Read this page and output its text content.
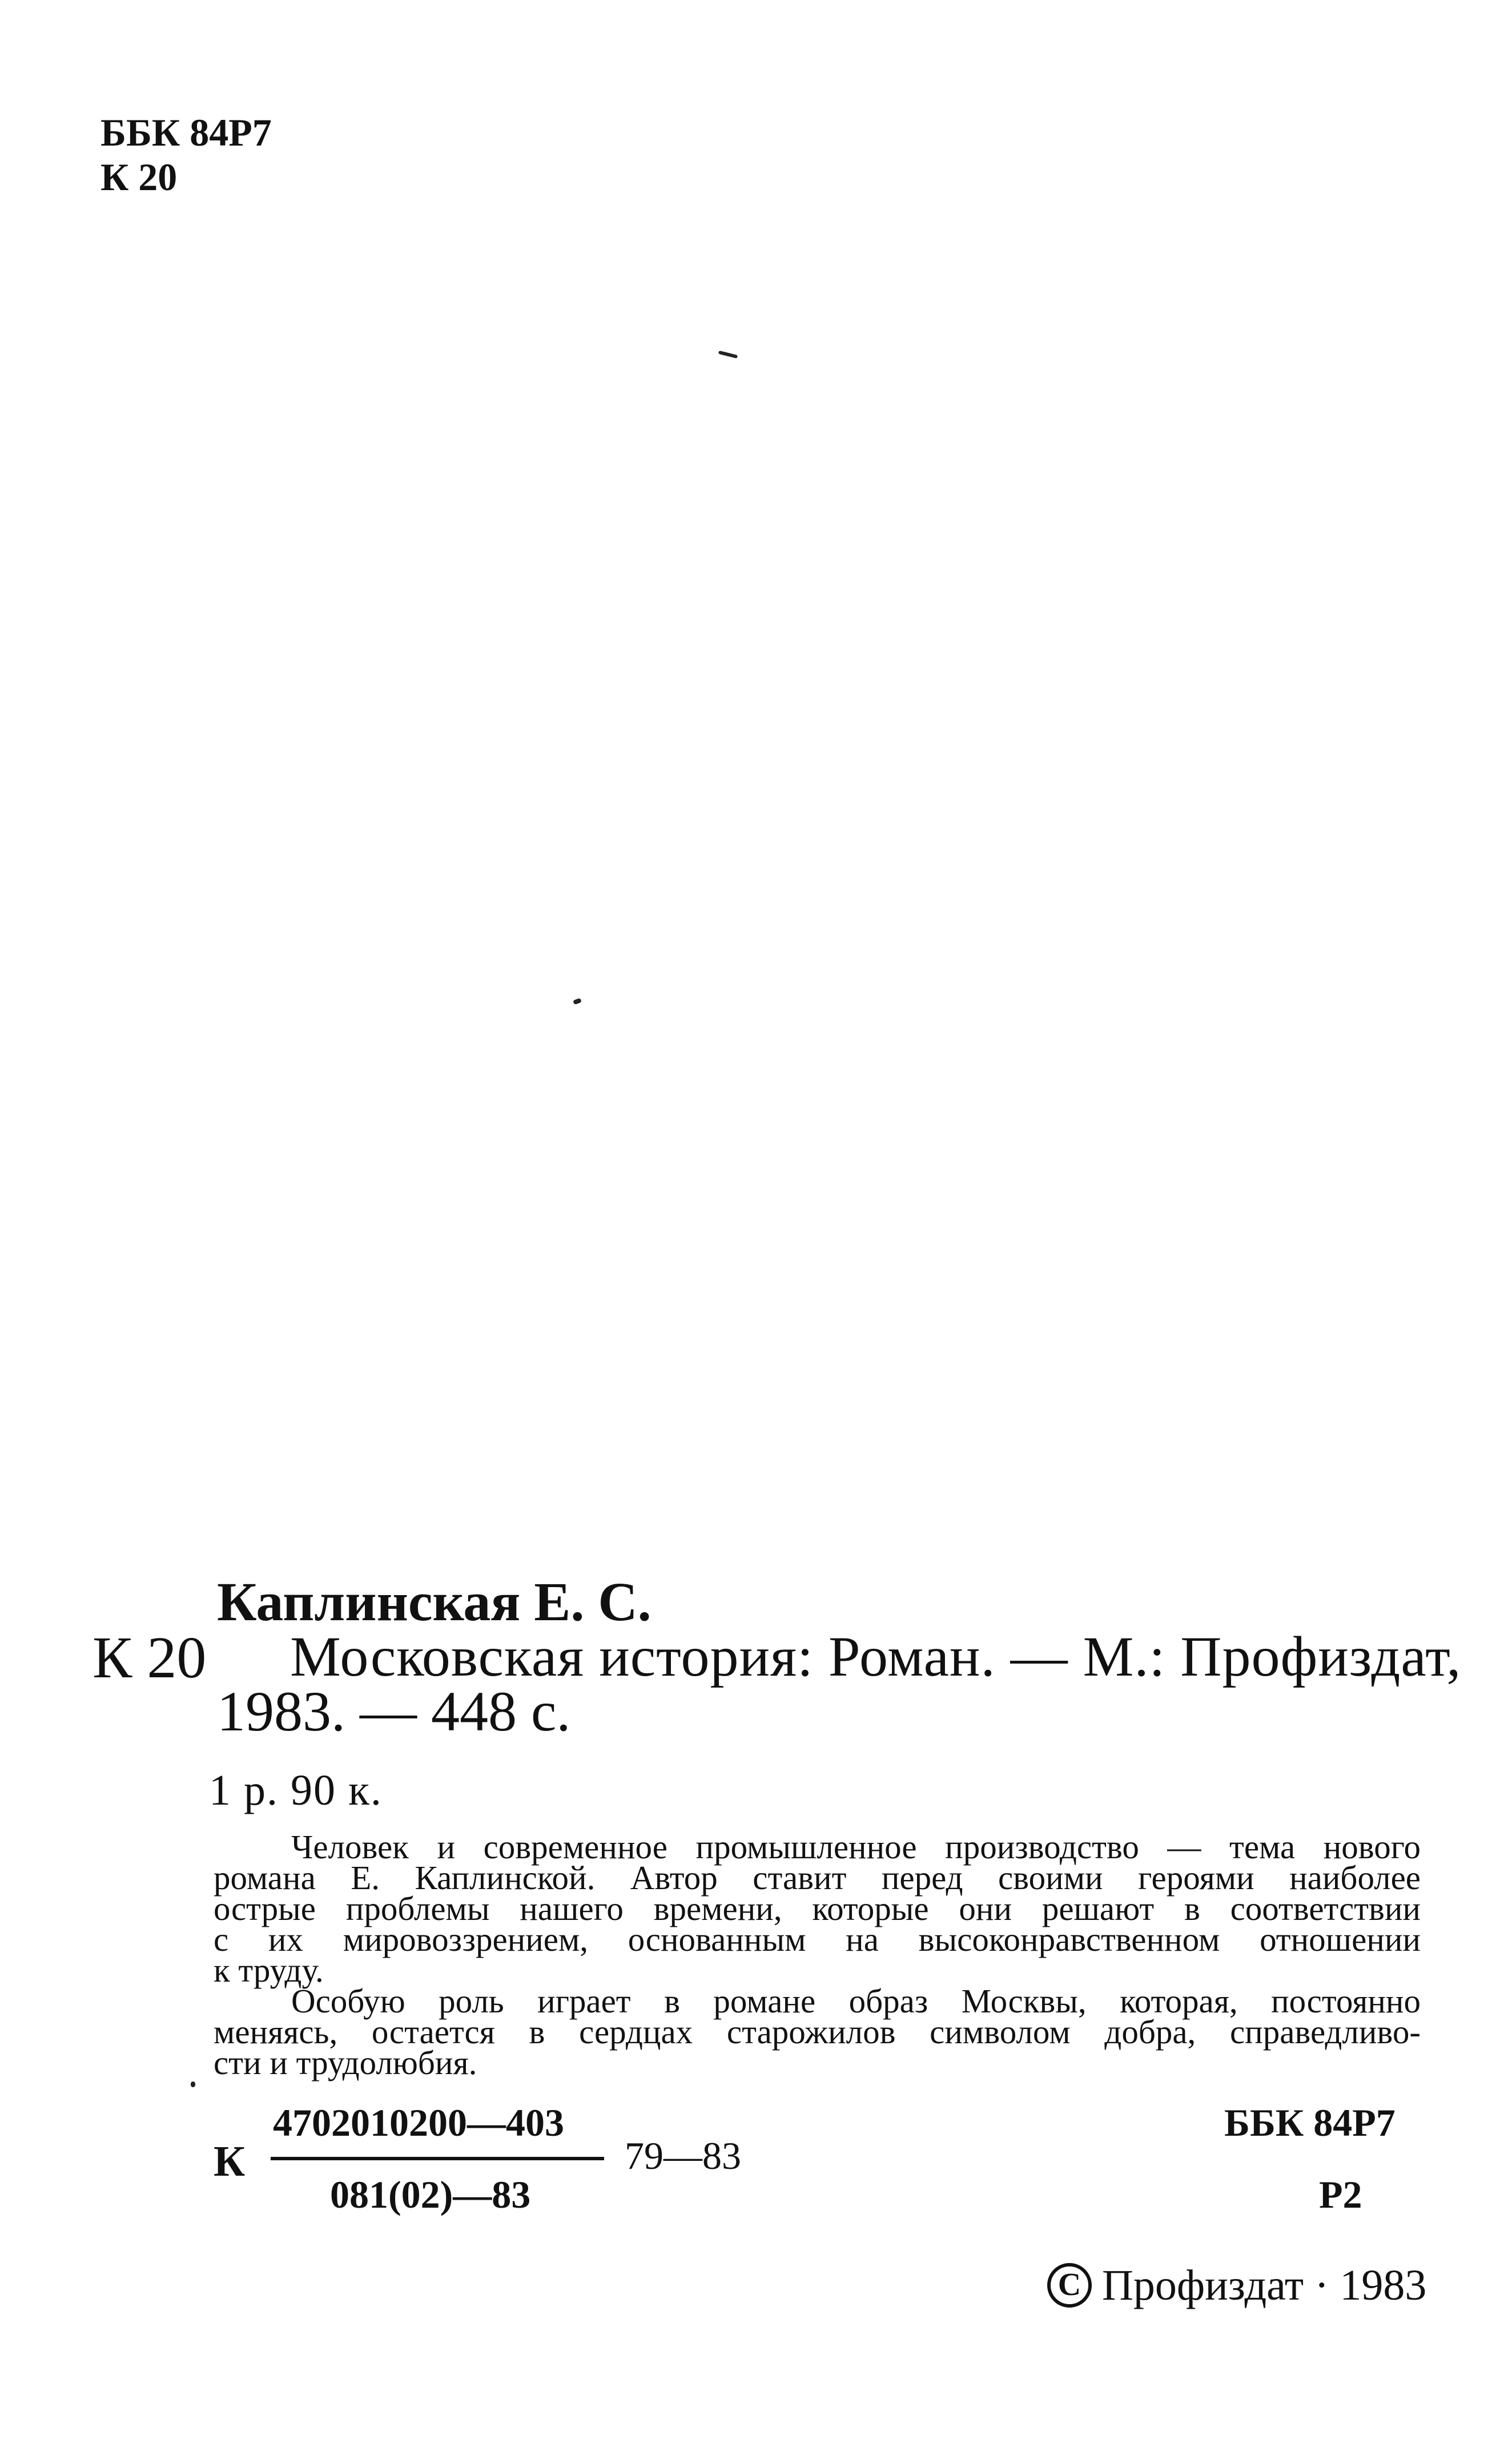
ББК 84Р7
К 20
Каплинская Е. С.
К 20 Московская история: Роман. — М.: Профиздат,
1983. — 448 с.
1 р. 90 к.
Человек и современное промышленное производство — тема нового
романа Е. Каплинской. Автор ставит перед своими героями наиболее
острые проблемы нашего времени, которые они решают в соответствии
с их мировоззрением, основанным на высоконравственном отношении
к труду.
Особую роль играет в романе образ Москвы, которая, постоянно
меняясь, остается в сердцах старожилов символом добра, справедливо-
сти и трудолюбия.
К
4702010200—403
081(02)—83
79—83
ББК 84Р7
Р2
C Профиздат · 1983
